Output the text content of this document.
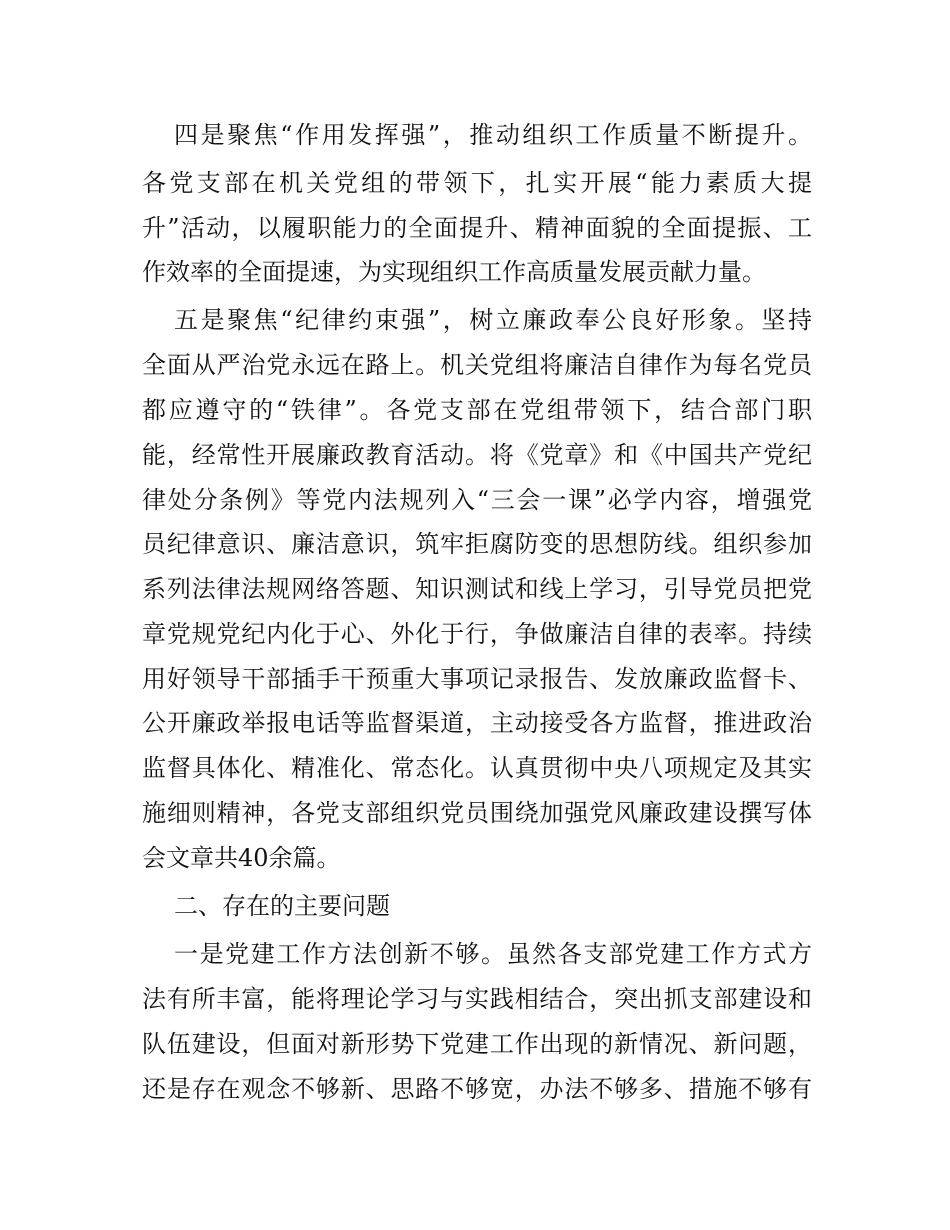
四是聚焦“作用发挥强”，推动组织工作质量不断提升。
各党支部在机关党组的带领下，扎实开展“能力素质大提
升”活动，以履职能力的全面提升、精神面貌的全面提振、工
作效率的全面提速，为实现组织工作高质量发展贡献力量。
五是聚焦“纪律约束强”，树立廉政奉公良好形象。坚持
全面从严治党永远在路上。机关党组将廉洁自律作为每名党员
都应遵守的“铁律”。各党支部在党组带领下，结合部门职
能，经常性开展廉政教育活动。将《党章》和《中国共产党纪
律处分条例》等党内法规列入“三会一课”必学内容，增强党
员纪律意识、廉洁意识，筑牢拒腐防变的思想防线。组织参加
系列法律法规网络答题、知识测试和线上学习，引导党员把党
章党规党纪内化于心、外化于行，争做廉洁自律的表率。持续
用好领导干部插手干预重大事项记录报告、发放廉政监督卡、
公开廉政举报电话等监督渠道，主动接受各方监督，推进政治
监督具体化、精准化、常态化。认真贯彻中央八项规定及其实
施细则精神，各党支部组织党员围绕加强党风廉政建设撰写体
会文章共40余篇。
二、存在的主要问题
一是党建工作方法创新不够。虽然各支部党建工作方式方
法有所丰富，能将理论学习与实践相结合，突出抓支部建设和
队伍建设，但面对新形势下党建工作出现的新情况、新问题，
还是存在观念不够新、思路不够宽，办法不够多、措施不够有
